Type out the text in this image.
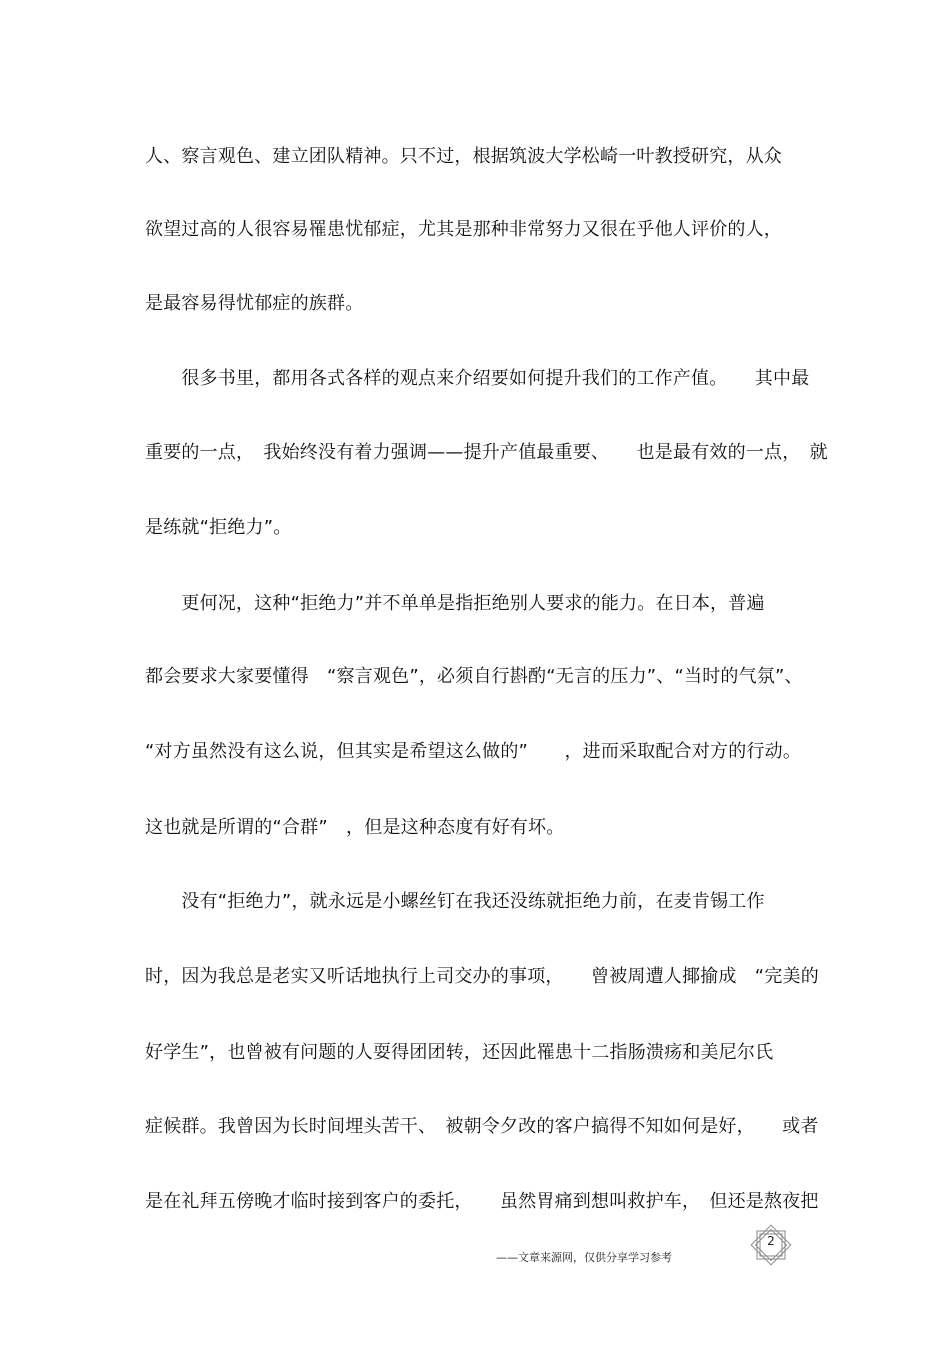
人、察言观色、建立团队精神。只不过，根据筑波大学松崎一叶教授研究，从众
欲望过高的人很容易罹患忧郁症，尤其是那种非常努力又很在乎他人评价的人，
是最容易得忧郁症的族群。
　　很多书里，都用各式各样的观点来介绍要如何提升我们的工作产值。　　其中最
重要的一点，　我始终没有着力强调——提升产值最重要、　　也是最有效的一点，　就
是练就“拒绝力”。
　　更何况，这种“拒绝力”并不单单是指拒绝别人要求的能力。在日本，普遍
都会要求大家要懂得　“察言观色”，必须自行斟酌“无言的压力”、“当时的气氛”、
“对方虽然没有这么说，但其实是希望这么做的”　　，进而采取配合对方的行动。
这也就是所谓的“合群”　，但是这种态度有好有坏。
　　没有“拒绝力”，就永远是小螺丝钉在我还没练就拒绝力前，在麦肯锡工作
时，因为我总是老实又听话地执行上司交办的事项，　　曾被周遭人揶揄成　“完美的
好学生”，也曾被有问题的人耍得团团转，还因此罹患十二指肠溃疡和美尼尔氏
症候群。我曾因为长时间埋头苦干、　被朝令夕改的客户搞得不知如何是好，　　或者
是在礼拜五傍晚才临时接到客户的委托，　　虽然胃痛到想叫救护车，　但还是熬夜把
——文章来源网，仅供分享学习参考
2
